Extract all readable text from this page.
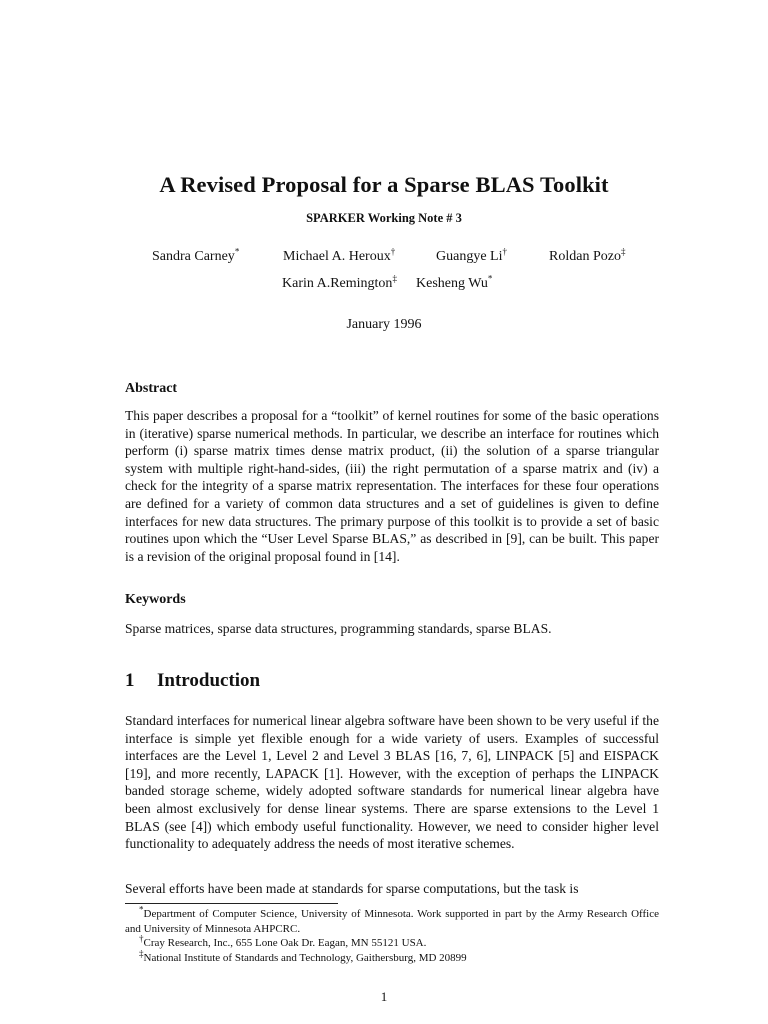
A Revised Proposal for a Sparse BLAS Toolkit
SPARKER Working Note # 3
Sandra Carney*	Michael A. Heroux†	Guangye Li†	Roldan Pozo‡
Karin A.Remington‡ Kesheng Wu*
January 1996
Abstract
This paper describes a proposal for a “toolkit” of kernel routines for some of the basic operations in (iterative) sparse numerical methods. In particular, we describe an interface for routines which perform (i) sparse matrix times dense matrix product, (ii) the solution of a sparse triangular system with multiple right-hand-sides, (iii) the right permutation of a sparse matrix and (iv) a check for the integrity of a sparse matrix representation. The interfaces for these four operations are defined for a variety of common data structures and a set of guidelines is given to define interfaces for new data structures. The primary purpose of this toolkit is to provide a set of basic routines upon which the “User Level Sparse BLAS,” as described in [9], can be built. This paper is a revision of the original proposal found in [14].
Keywords
Sparse matrices, sparse data structures, programming standards, sparse BLAS.
1 Introduction
Standard interfaces for numerical linear algebra software have been shown to be very useful if the interface is simple yet flexible enough for a wide variety of users. Examples of successful interfaces are the Level 1, Level 2 and Level 3 BLAS [16, 7, 6], LINPACK [5] and EISPACK [19], and more recently, LAPACK [1]. However, with the exception of perhaps the LINPACK banded storage scheme, widely adopted software standards for numerical linear algebra have been almost exclusively for dense linear systems. There are sparse extensions to the Level 1 BLAS (see [4]) which embody useful functionality. However, we need to consider higher level functionality to adequately address the needs of most iterative schemes.
Several efforts have been made at standards for sparse computations, but the task is
*Department of Computer Science, University of Minnesota. Work supported in part by the Army Research Office and University of Minnesota AHPCRC.
†Cray Research, Inc., 655 Lone Oak Dr. Eagan, MN 55121 USA.
‡National Institute of Standards and Technology, Gaithersburg, MD 20899
1
